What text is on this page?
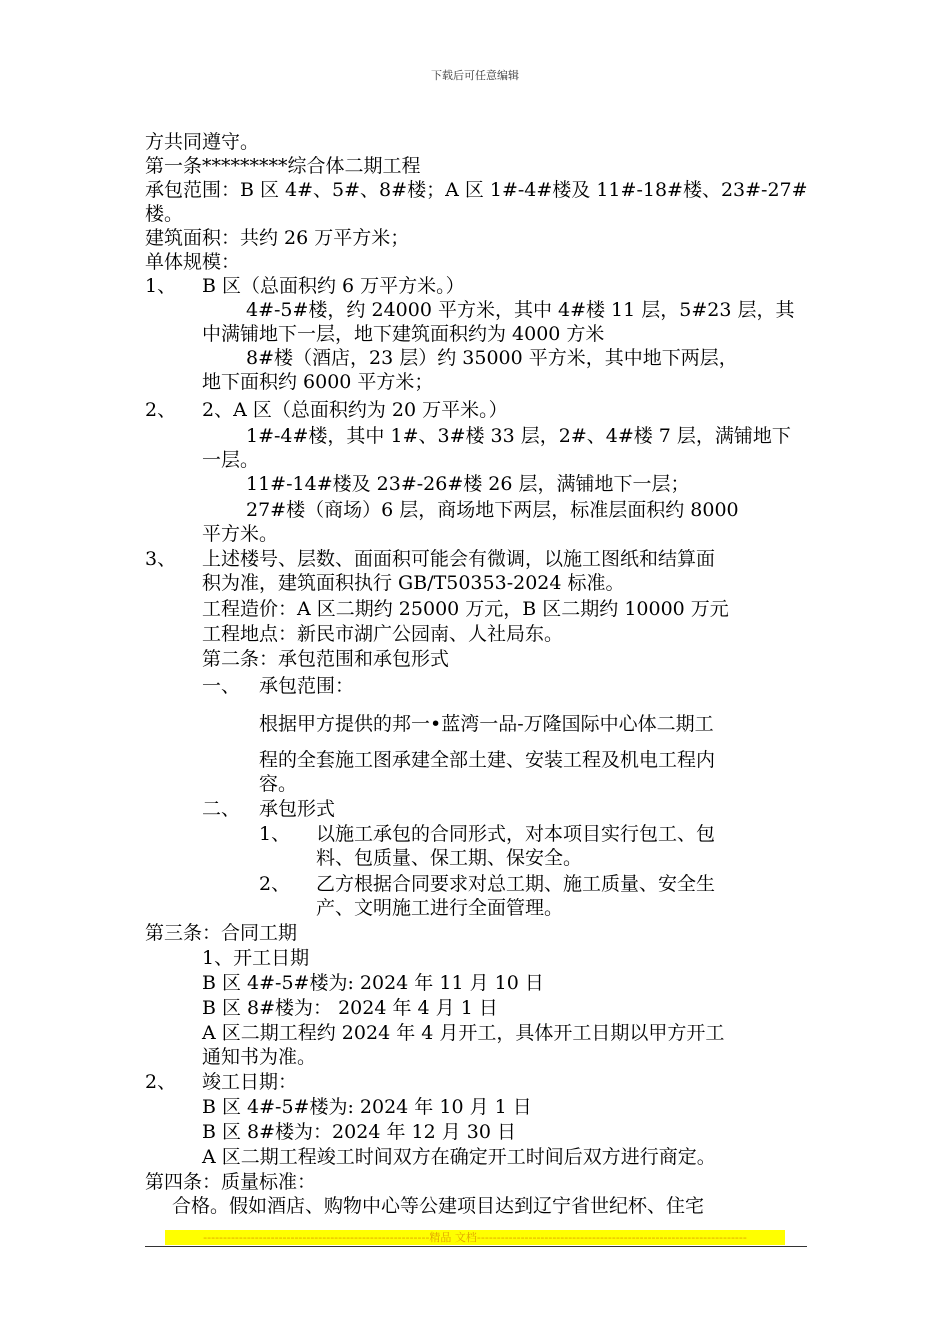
下载后可任意编辑
方共同遵守。
第一条*********综合体二期工程
承包范围：B 区 4#、5#、8#楼；A 区 1#-4#楼及 11#-18#楼、23#-27#
楼。
建筑面积：共约 26 万平方米；
单体规模：
1、 B 区（总面积约 6 万平方米。）
4#-5#楼，约 24000 平方米，其中 4#楼 11 层，5#23 层，其
中满铺地下一层，地下建筑面积约为 4000 方米
8#楼（酒店，23 层）约 35000 平方米，其中地下两层，
地下面积约 6000 平方米；
2、 2、A 区（总面积约为 20 万平米。）
1#-4#楼，其中 1#、3#楼 33 层，2#、4#楼 7 层，满铺地下
一层。
11#-14#楼及 23#-26#楼 26 层，满铺地下一层；
27#楼（商场）6 层，商场地下两层，标准层面积约 8000
平方米。
3、 上述楼号、层数、面面积可能会有微调，以施工图纸和结算面
积为准，建筑面积执行 GB/T50353-2024 标准。
工程造价：A 区二期约 25000 万元，B 区二期约 10000 万元
工程地点：新民市湖广公园南、人社局东。
第二条：承包范围和承包形式
一、 承包范围：
根据甲方提供的邦一•蓝湾一品-万隆国际中心体二期工
程的全套施工图承建全部土建、安装工程及机电工程内
容。
二、 承包形式
1、 以施工承包的合同形式，对本项目实行包工、包
料、包质量、保工期、保安全。
2、 乙方根据合同要求对总工期、施工质量、安全生
产、文明施工进行全面管理。
第三条：合同工期
1、开工日期
B 区 4#-5#楼为: 2024 年 11 月 10 日
B 区 8#楼为： 2024 年 4 月 1 日
A 区二期工程约 2024 年 4 月开工，具体开工日期以甲方开工
通知书为准。
2、 竣工日期：
B 区 4#-5#楼为: 2024 年 10 月 1 日
B 区 8#楼为：2024 年 12 月 30 日
A 区二期工程竣工时间双方在确定开工时间后双方进行商定。
第四条：质量标准：
合格。假如酒店、购物中心等公建项目达到辽宁省世纪杯、住宅
---------------------------------------------------------精品 文档--------------------------------------------------------------------
